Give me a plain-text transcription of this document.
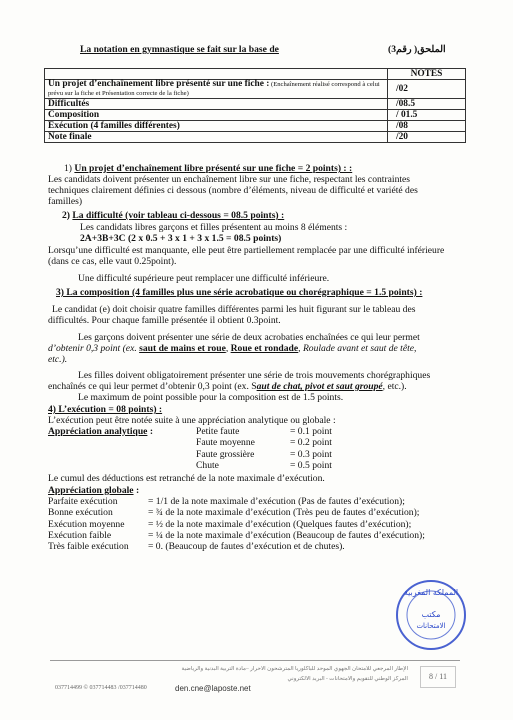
La notation en gymnastique se fait sur la base de	الملحق( رقم3)
	NOTES
Un projet d’enchaînement libre présenté sur une fiche : (Enchaînement réalisé correspond à celui prévu sur la fiche et Présentation correcte de la fiche)	/02
Difficultés	/08.5
Composition	/ 01.5
Exécution (4 familles différentes)	/08
Note finale	/20
1) Un projet d’enchaînement libre présenté sur une fiche = 2 points) : :
Les candidats doivent présenter un enchaînement libre sur une fiche, respectant les contraintes
techniques clairement définies ci dessous (nombre d’éléments, niveau de difficulté et variété des
familles)
2) La difficulté (voir tableau ci-dessous = 08.5 points) :
Les candidats libres garçons et filles présentent au moins 8 éléments :
2A+3B+3C (2 x 0.5 + 3 x 1 + 3 x 1.5 = 08.5 points)
Lorsqu’une difficulté est manquante, elle peut être partiellement remplacée par une difficulté inférieure
(dans ce cas, elle vaut 0.25point).
Une difficulté supérieure peut remplacer une difficulté inférieure.
3) La composition (4 familles plus une série acrobatique ou chorégraphique = 1.5 points) :
Le candidat (e) doit choisir quatre familles différentes parmi les huit figurant sur le tableau des
difficultés. Pour chaque famille présentée il obtient 0.3point.
Les garçons doivent présenter une série de deux acrobaties enchaînées ce qui leur permet
d’obtenir 0,3 point (ex. saut de mains et roue, Roue et rondade, Roulade avant et saut de tête,
etc.).
Les filles doivent obligatoirement présenter une série de trois mouvements chorégraphiques
enchaînés ce qui leur permet d’obtenir 0,3 point (ex. Saut de chat, pivot et saut groupé, etc.).
Le maximum de point possible pour la composition est de 1.5 points.
4) L’exécution = 08 points) :
L’exécution peut être notée suite à une appréciation analytique ou globale :
Appréciation analytique :	Petite faute	= 0.1 point
Faute moyenne	= 0.2 point
Faute grossière	= 0.3 point
Chute	= 0.5 point
Le cumul des déductions est retranché de la note maximale d’exécution.
Appréciation globale :
Parfaite exécution	= 1/1 de la note maximale d’exécution (Pas de fautes d’exécution);
Bonne exécution	= ¾ de la note maximale d’exécution (Très peu de fautes d’exécution);
Exécution moyenne = ½ de la note maximale d’exécution (Quelques fautes d’exécution);
Exécution faible	= ¼ de la note maximale d’exécution (Beaucoup de fautes d’exécution);
Très faible exécution = 0. (Beaucoup de fautes d’exécution et de chutes).
المملكة المغربية
مكتب
الامتحانات
الإطار المرجعي للامتحان الجهوي الموحد للباكلوريا المترشحون الأحرار –مادة التربية البدنية والرياضية
المركز الوطني للتقويم والامتحانات - البريد الالكتروني
037714499 © 037714483 /037714480	den.cne@laposte.net
8 / 11
